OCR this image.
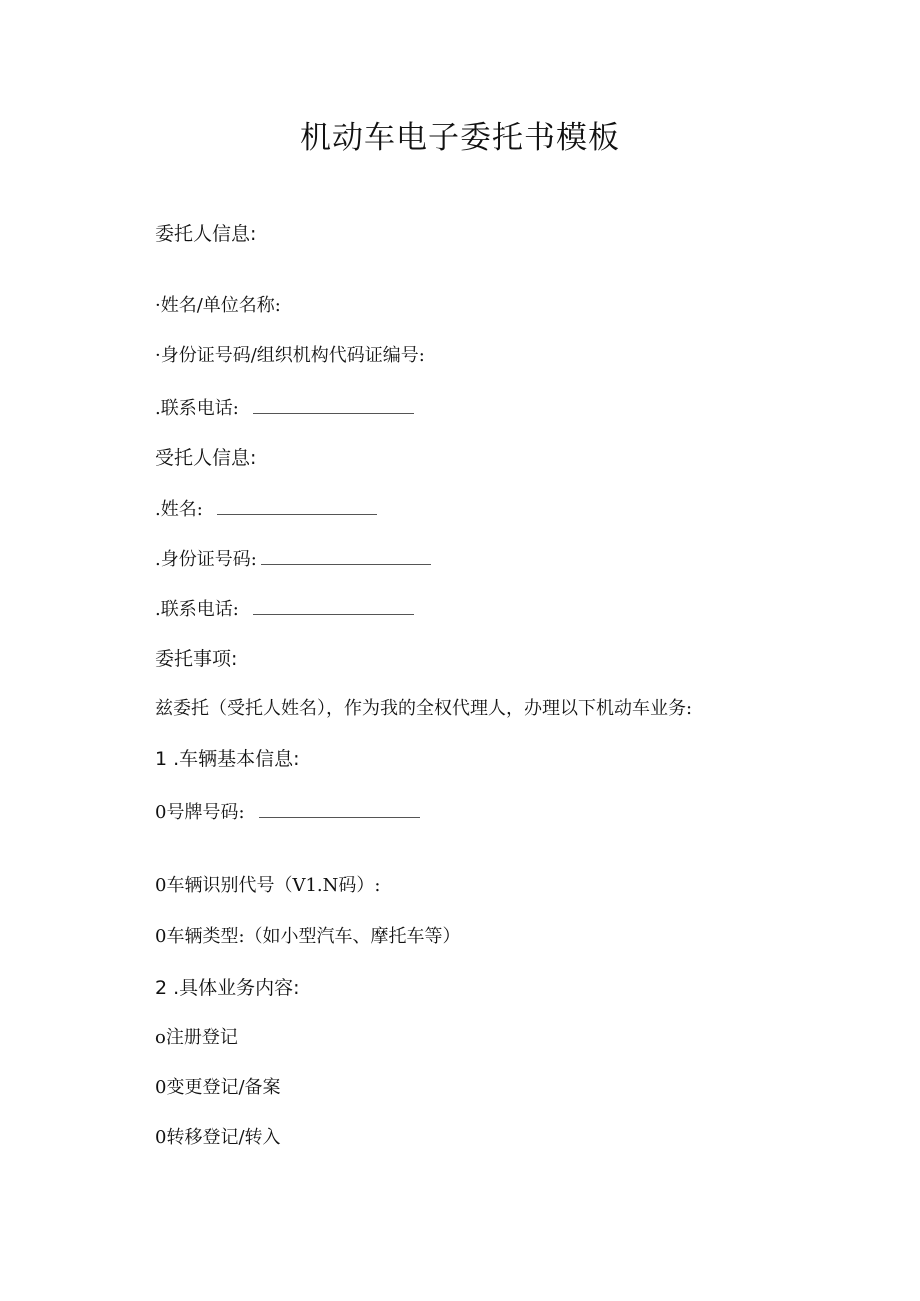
机动车电子委托书模板
委托人信息:
·姓名/单位名称:
·身份证号码/组织机构代码证编号:
.联系电话:
受托人信息:
.姓名:
.身份证号码:
.联系电话:
委托事项:
兹委托（受托人姓名），作为我的全权代理人，办理以下机动车业务:
1 .车辆基本信息:
0号牌号码:
0车辆识别代号（V1.N码）:
0车辆类型:（如小型汽车、摩托车等）
2 .具体业务内容:
o注册登记
0变更登记/备案
0转移登记/转入
